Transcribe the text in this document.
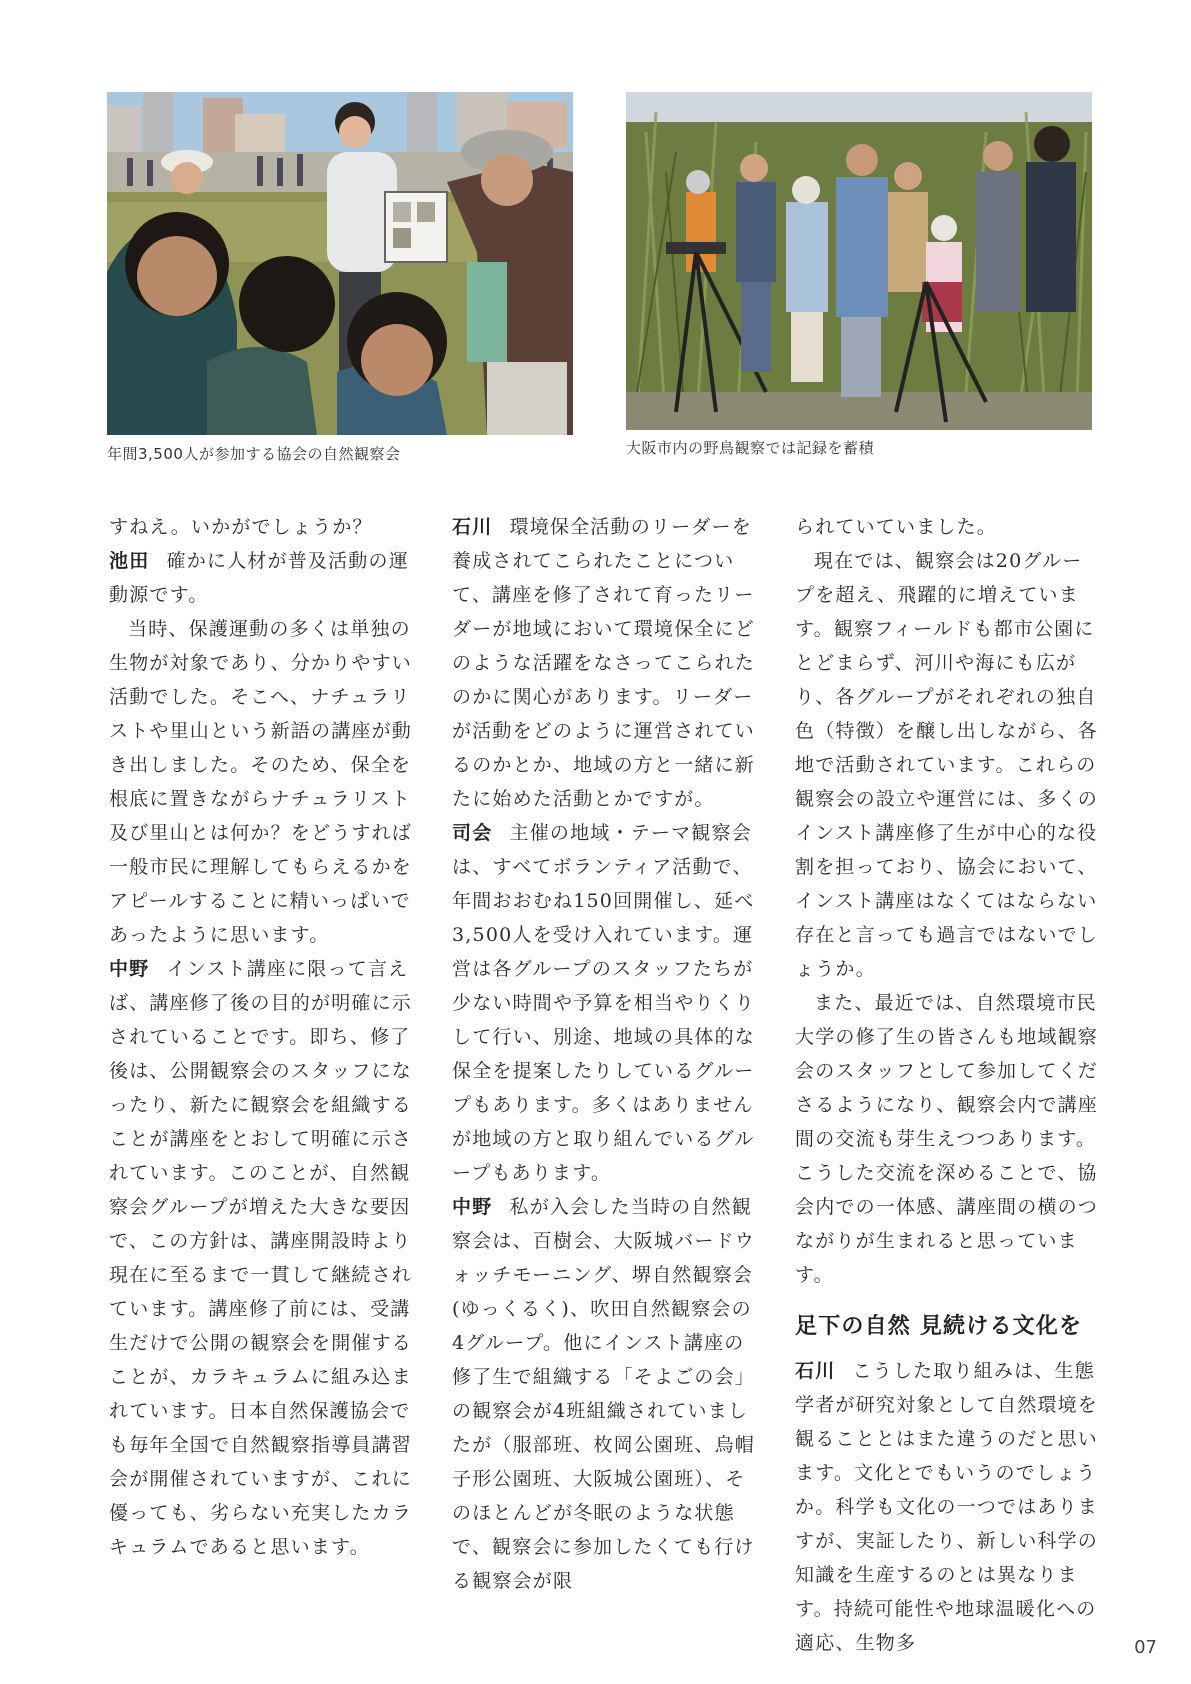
年間3,500人が参加する協会の自然観察会	大阪市内の野鳥観察では記録を蓄積

すねえ。いかがでしょうか？

池田 確かに人材が普及活動の運動源です。

当時、保護運動の多くは単独の生物が対象であり、分かりやすい活動でした。そこへ、ナチュラリストや里山という新語の講座が動き出しました。そのため、保全を根底に置きながらナチュラリスト及び里山とは何か？をどうすれば一般市民に理解してもらえるかをアピールすることに精いっぱいであったように思います。

中野 インスト講座に限って言えば、講座修了後の目的が明確に示されていることです。即ち、修了後は、公開観察会のスタッフになったり、新たに観察会を組織することが講座をとおして明確に示されています。このことが、自然観察会グループが増えた大きな要因で、この方針は、講座開設時より現在に至るまで一貫して継続されています。講座修了前には、受講生だけで公開の観察会を開催することが、カラキュラムに組み込まれています。日本自然保護協会でも毎年全国で自然観察指導員講習会が開催されていますが、これに優っても、劣らない充実したカラキュラムであると思います。

石川 環境保全活動のリーダーを養成されてこられたことについて、講座を修了されて育ったリーダーが地域において環境保全にどのような活躍をなさってこられたのかに関心があります。リーダーが活動をどのように運営されているのかとか、地域の方と一緒に新たに始めた活動とかですが。

司会 主催の地域・テーマ観察会は、すべてボランティア活動で、年間おおむね150回開催し、延べ3,500人を受け入れています。運営は各グループのスタッフたちが少ない時間や予算を相当やりくりして行い、別途、地域の具体的な保全を提案したりしているグループもあります。多くはありませんが地域の方と取り組んでいるグループもあります。

中野 私が入会した当時の自然観察会は、百樹会、大阪城バードウォッチモーニング、堺自然観察会(ゆっくるく)、吹田自然観察会の4グループ。他にインスト講座の修了生で組織する「そよごの会」の観察会が4班組織されていましたが（服部班、枚岡公園班、烏帽子形公園班、大阪城公園班）、そのほとんどが冬眠のような状態で、観察会に参加したくても行ける観察会が限

られていていました。

現在では、観察会は20グループを超え、飛躍的に増えています。観察フィールドも都市公園にとどまらず、河川や海にも広がり、各グループがそれぞれの独自色（特徴）を醸し出しながら、各地で活動されています。これらの観察会の設立や運営には、多くのインスト講座修了生が中心的な役割を担っており、協会において、インスト講座はなくてはならない存在と言っても過言ではないでしょうか。

また、最近では、自然環境市民大学の修了生の皆さんも地域観察会のスタッフとして参加してくださるようになり、観察会内で講座間の交流も芽生えつつあります。こうした交流を深めることで、協会内での一体感、講座間の横のつながりが生まれると思っています。

足下の自然 見続ける文化を

石川 こうした取り組みは、生態学者が研究対象として自然環境を観ることとはまた違うのだと思います。文化とでもいうのでしょうか。科学も文化の一つではありますが、実証したり、新しい科学の知識を生産するのとは異なります。持続可能性や地球温暖化への適応、生物多	07
